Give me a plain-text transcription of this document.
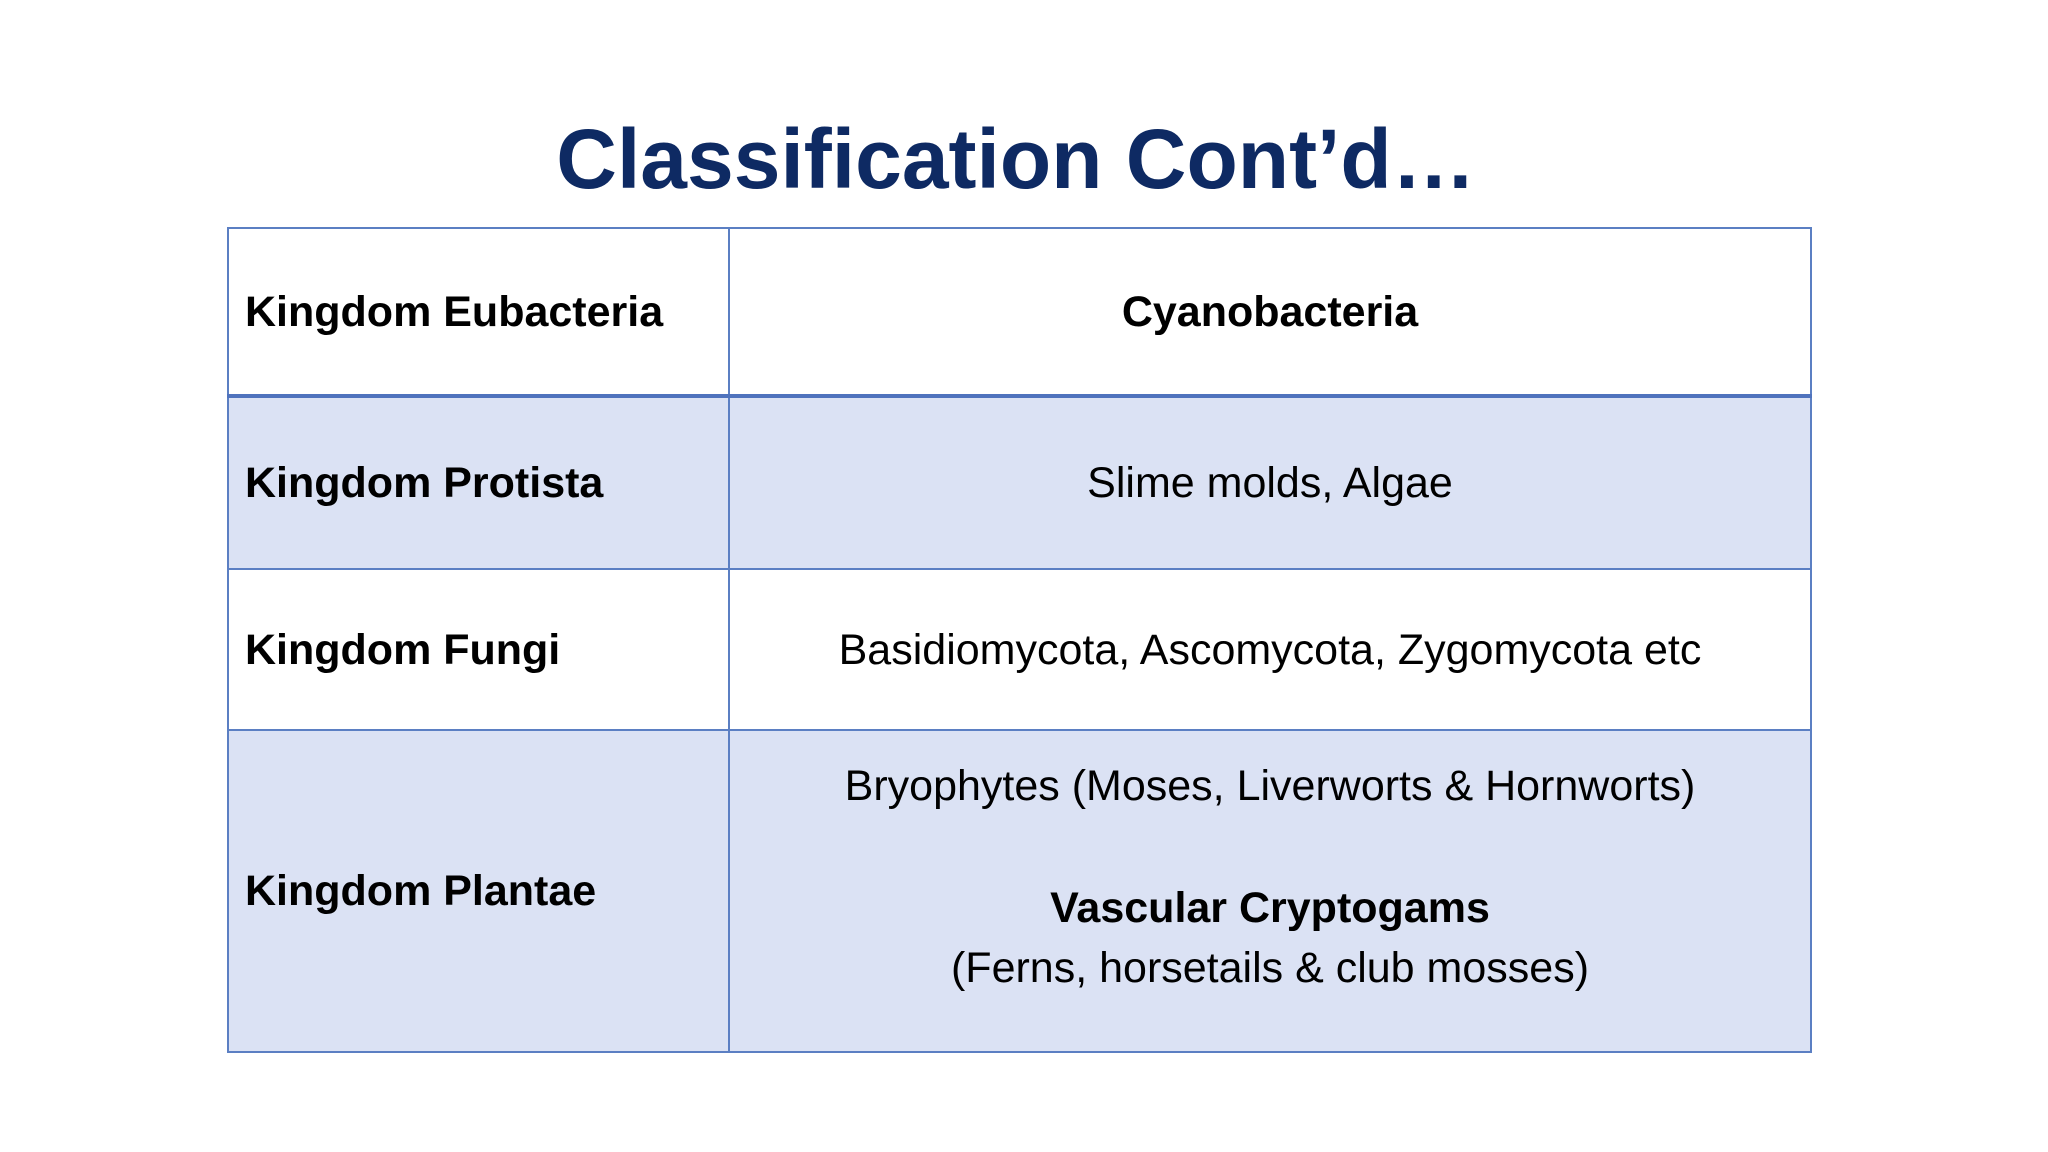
Classification Cont’d…
Kingdom Eubacteria	Cyanobacteria
Kingdom Protista	Slime molds, Algae
Kingdom Fungi	Basidiomycota, Ascomycota, Zygomycota etc
Kingdom Plantae	Bryophytes (Moses, Liverworts & Hornworts)
Vascular Cryptogams
(Ferns, horsetails & club mosses)
